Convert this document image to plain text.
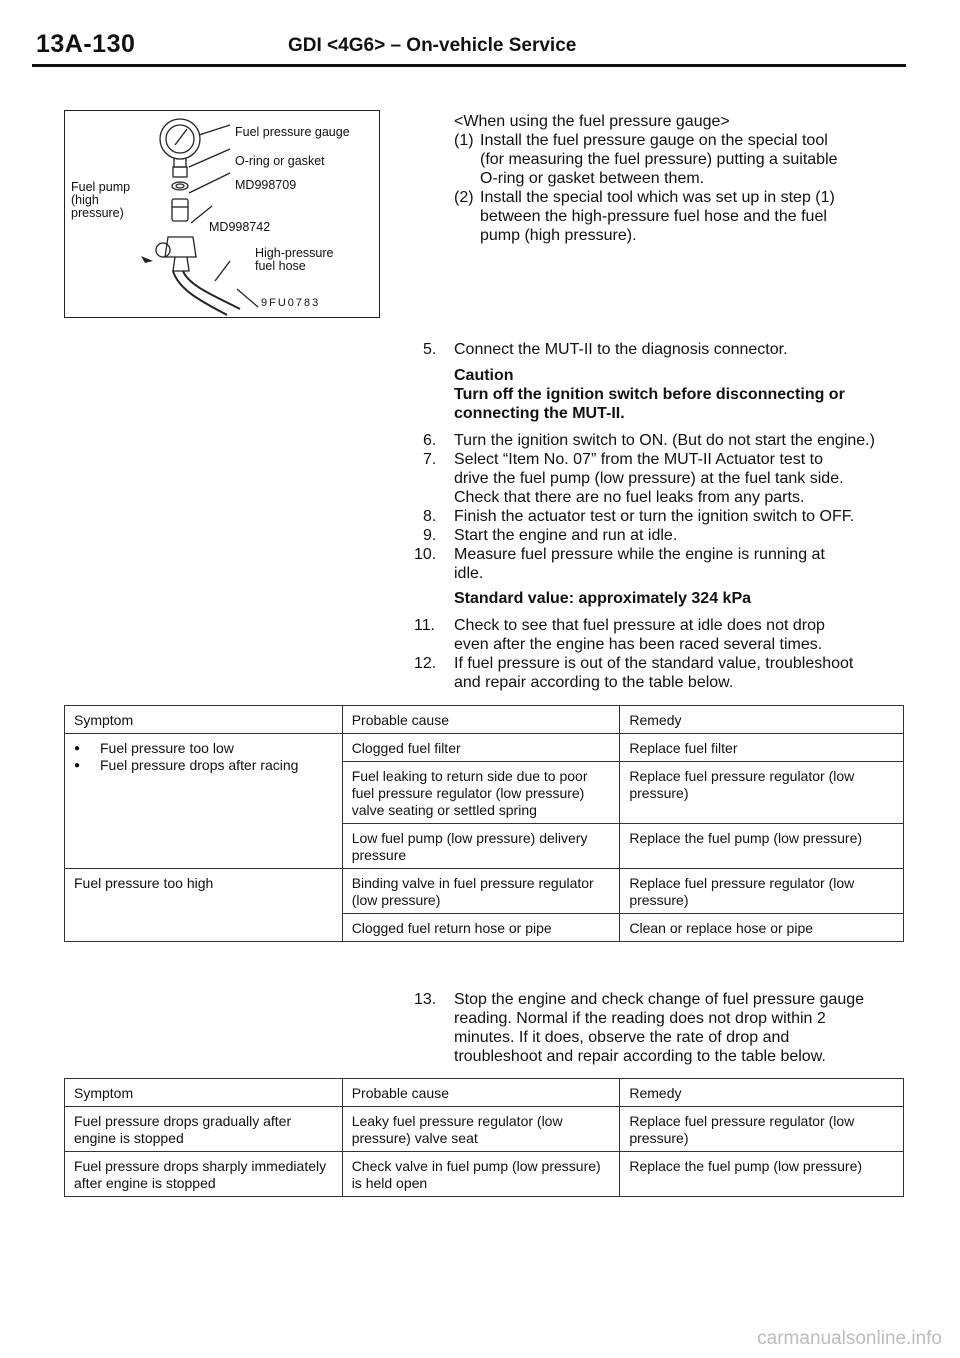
13A-130	GDI <4G6> – On-vehicle Service
Fuel pressure gauge
O-ring or gasket
MD998709
Fuel pump
(high
pressure)
MD998742
High-pressure
fuel hose
9FU0783
<When using the fuel pressure gauge>
(1) Install the fuel pressure gauge on the special tool
(for measuring the fuel pressure) putting a suitable
O-ring or gasket between them.
(2) Install the special tool which was set up in step (1)
between the high-pressure fuel hose and the fuel
pump (high pressure).
5. Connect the MUT-II to the diagnosis connector.
Caution
Turn off the ignition switch before disconnecting or
connecting the MUT-II.
6. Turn the ignition switch to ON. (But do not start the engine.)
7. Select “Item No. 07” from the MUT-II Actuator test to
drive the fuel pump (low pressure) at the fuel tank side.
Check that there are no fuel leaks from any parts.
8. Finish the actuator test or turn the ignition switch to OFF.
9. Start the engine and run at idle.
10. Measure fuel pressure while the engine is running at
idle.
Standard value: approximately 324 kPa
11. Check to see that fuel pressure at idle does not drop
even after the engine has been raced several times.
12. If fuel pressure is out of the standard value, troubleshoot
and repair according to the table below.
Symptom	Probable cause	Remedy

● Fuel pressure too low
● Fuel pressure drops after racing	Clogged fuel filter	Replace fuel filter
	Fuel leaking to return side due to poor fuel pressure regulator (low pressure) valve seating or settled spring	Replace fuel pressure regulator (low pressure)
	Low fuel pump (low pressure) delivery pressure	Replace the fuel pump (low pressure)
Fuel pressure too high	Binding valve in fuel pressure regulator (low pressure)	Replace fuel pressure regulator (low pressure)
	Clogged fuel return hose or pipe	Clean or replace hose or pipe
13. Stop the engine and check change of fuel pressure gauge
reading. Normal if the reading does not drop within 2
minutes. If it does, observe the rate of drop and
troubleshoot and repair according to the table below.
Symptom	Probable cause	Remedy
Fuel pressure drops gradually after engine is stopped	Leaky fuel pressure regulator (low pressure) valve seat	Replace fuel pressure regulator (low pressure)
Fuel pressure drops sharply immediately after engine is stopped	Check valve in fuel pump (low pressure) is held open	Replace the fuel pump (low pressure)
carmanualsonline.info
